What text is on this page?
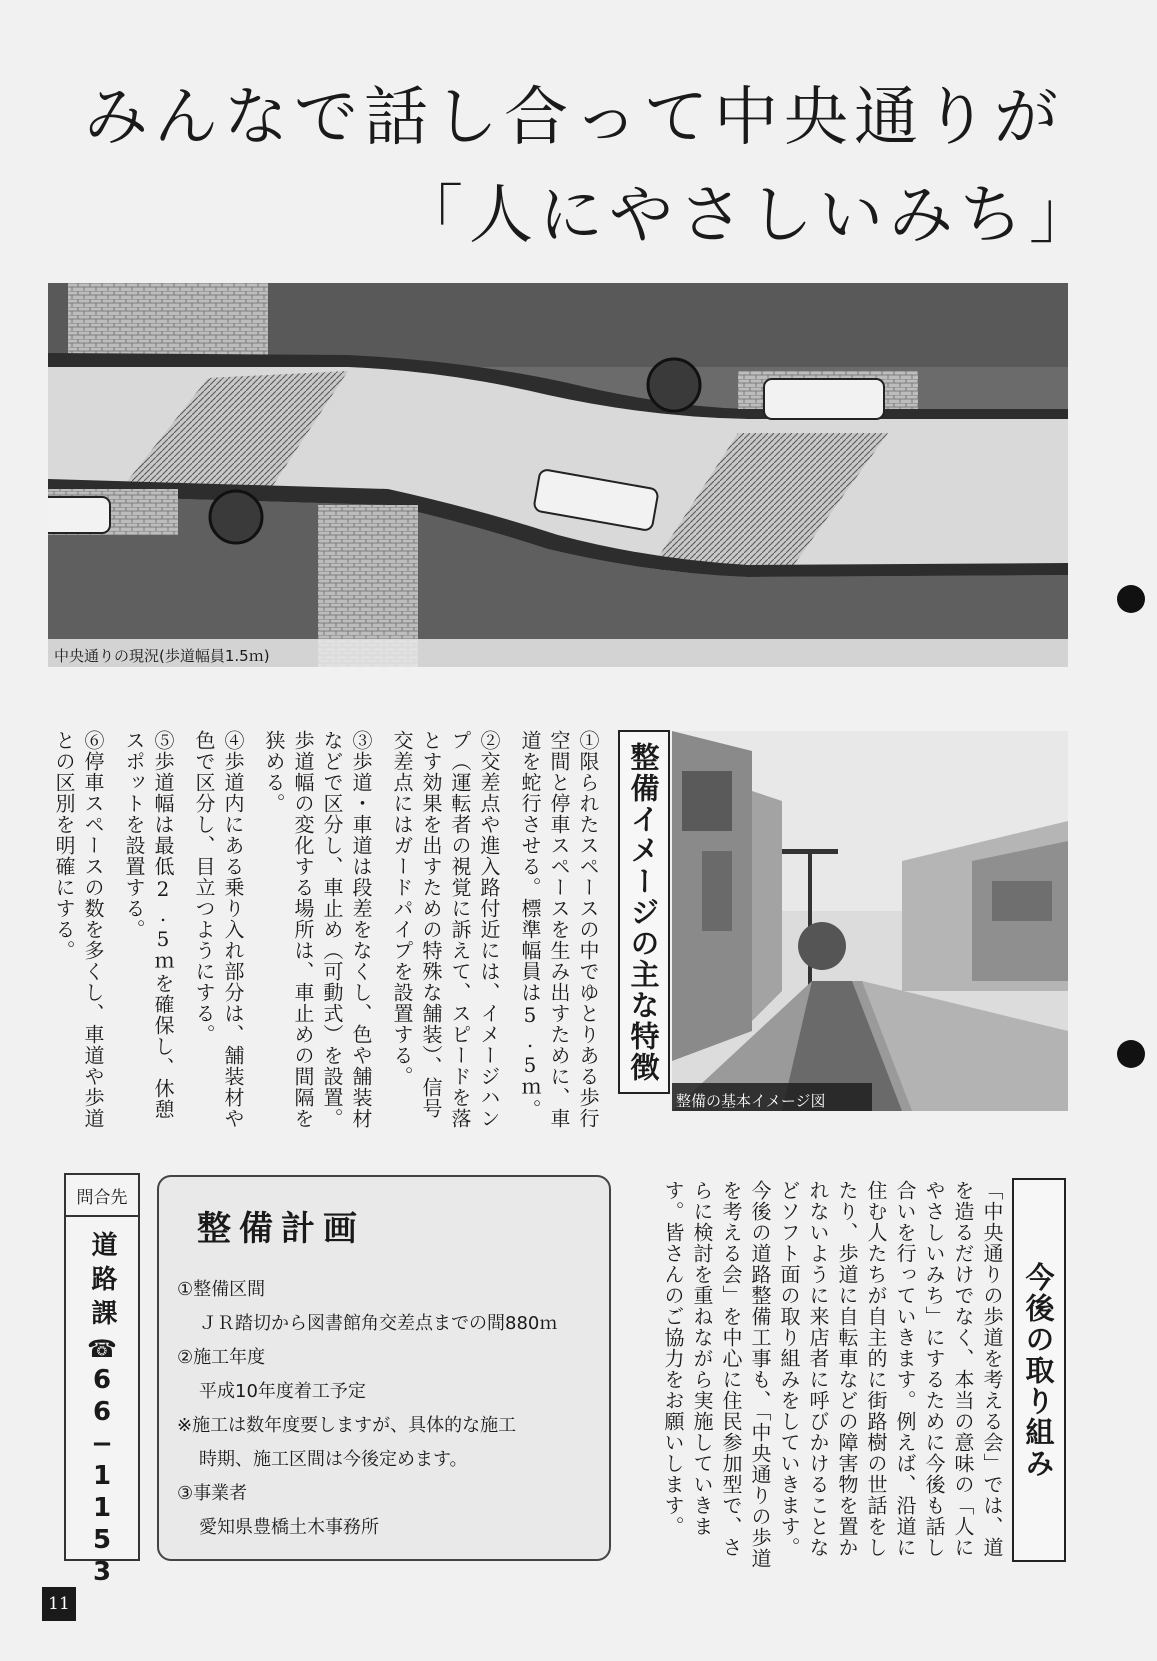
みんなで話し合って中央通りが
「人にやさしいみち」
中央通りの現況(歩道幅員1.5ｍ)
整備イメージの主な特徴

①限られたスペースの中でゆとりある歩行空間と停車スペースを生み出すために、車道を蛇行させる。標準幅員は5.5ｍ。

②交差点や進入路付近には、イメージハンプ（運転者の視覚に訴えて、スピードを落とす効果を出すための特殊な舗装）、信号交差点にはガードパイプを設置する。

③歩道・車道は段差をなくし、色や舗装材などで区分し、車止め（可動式）を設置。歩道幅の変化する場所は、車止めの間隔を狭める。

④歩道内にある乗り入れ部分は、舗装材や色で区分し、目立つようにする。

⑤歩道幅は最低2.5ｍを確保し、休憩スポットを設置する。

⑥停車スペースの数を多くし、車道や歩道との区別を明確にする。

整備の基本イメージ図
今後の取り組み
「中央通りの歩道を考える会」では、道を造るだけでなく、本当の意味の「人にやさしいみち」にするために今後も話し合いを行っていきます。例えば、沿道に住む人たちが自主的に街路樹の世話をしたり、歩道に自転車などの障害物を置かれないように来店者に呼びかけることなどソフト面の取り組みをしていきます。　今後の道路整備工事も、「中央通りの歩道を考える会」を中心に住民参加型で、さらに検討を重ねながら実施していきます。皆さんのご協力をお願いします。
問合先
道路課
☎
66−1153
整備計画
①整備区間
ＪＲ踏切から図書館角交差点までの間880ｍ
②施工年度
平成10年度着工予定
※施工は数年度要しますが、具体的な施工
時期、施工区間は今後定めます。
③事業者
愛知県豊橋土木事務所
11
